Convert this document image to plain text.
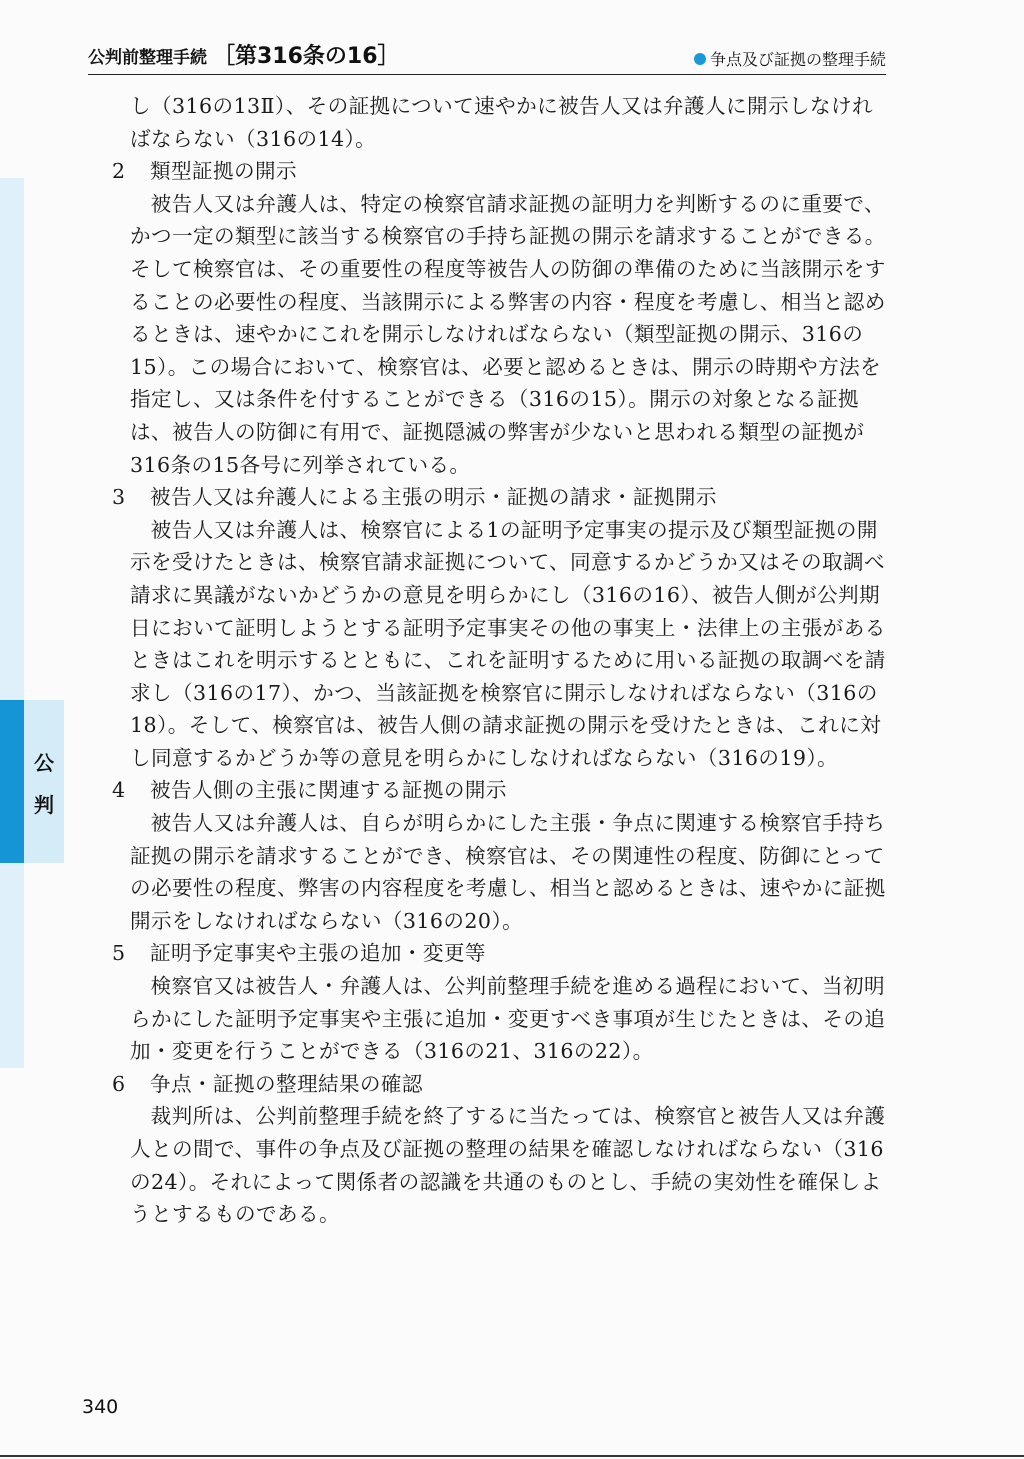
公判前整理手続 ［第316条の16］	争点及び証拠の整理手続
公
判

し（316の13Ⅱ）、その証拠について速やかに被告人又は弁護人に開示しなければならない（316の14）。

2 類型証拠の開示

被告人又は弁護人は、特定の検察官請求証拠の証明力を判断するのに重要で、かつ一定の類型に該当する検察官の手持ち証拠の開示を請求することができる。そして検察官は、その重要性の程度等被告人の防御の準備のために当該開示をすることの必要性の程度、当該開示による弊害の内容・程度を考慮し、相当と認めるときは、速やかにこれを開示しなければならない（類型証拠の開示、316の15）。この場合において、検察官は、必要と認めるときは、開示の時期や方法を指定し、又は条件を付することができる（316の15）。開示の対象となる証拠は、被告人の防御に有用で、証拠隠滅の弊害が少ないと思われる類型の証拠が316条の15各号に列挙されている。

3 被告人又は弁護人による主張の明示・証拠の請求・証拠開示

被告人又は弁護人は、検察官による1の証明予定事実の提示及び類型証拠の開示を受けたときは、検察官請求証拠について、同意するかどうか又はその取調べ請求に異議がないかどうかの意見を明らかにし（316の16）、被告人側が公判期日において証明しようとする証明予定事実その他の事実上・法律上の主張があるときはこれを明示するとともに、これを証明するために用いる証拠の取調べを請求し（316の17）、かつ、当該証拠を検察官に開示しなければならない（316の18）。そして、検察官は、被告人側の請求証拠の開示を受けたときは、これに対し同意するかどうか等の意見を明らかにしなければならない（316の19）。

4 被告人側の主張に関連する証拠の開示

被告人又は弁護人は、自らが明らかにした主張・争点に関連する検察官手持ち証拠の開示を請求することができ、検察官は、その関連性の程度、防御にとっての必要性の程度、弊害の内容程度を考慮し、相当と認めるときは、速やかに証拠開示をしなければならない（316の20）。

5 証明予定事実や主張の追加・変更等

検察官又は被告人・弁護人は、公判前整理手続を進める過程において、当初明らかにした証明予定事実や主張に追加・変更すべき事項が生じたときは、その追加・変更を行うことができる（316の21、316の22）。

6 争点・証拠の整理結果の確認

裁判所は、公判前整理手続を終了するに当たっては、検察官と被告人又は弁護人との間で、事件の争点及び証拠の整理の結果を確認しなければならない（316の24）。それによって関係者の認識を共通のものとし、手続の実効性を確保しようとするものである。

340
